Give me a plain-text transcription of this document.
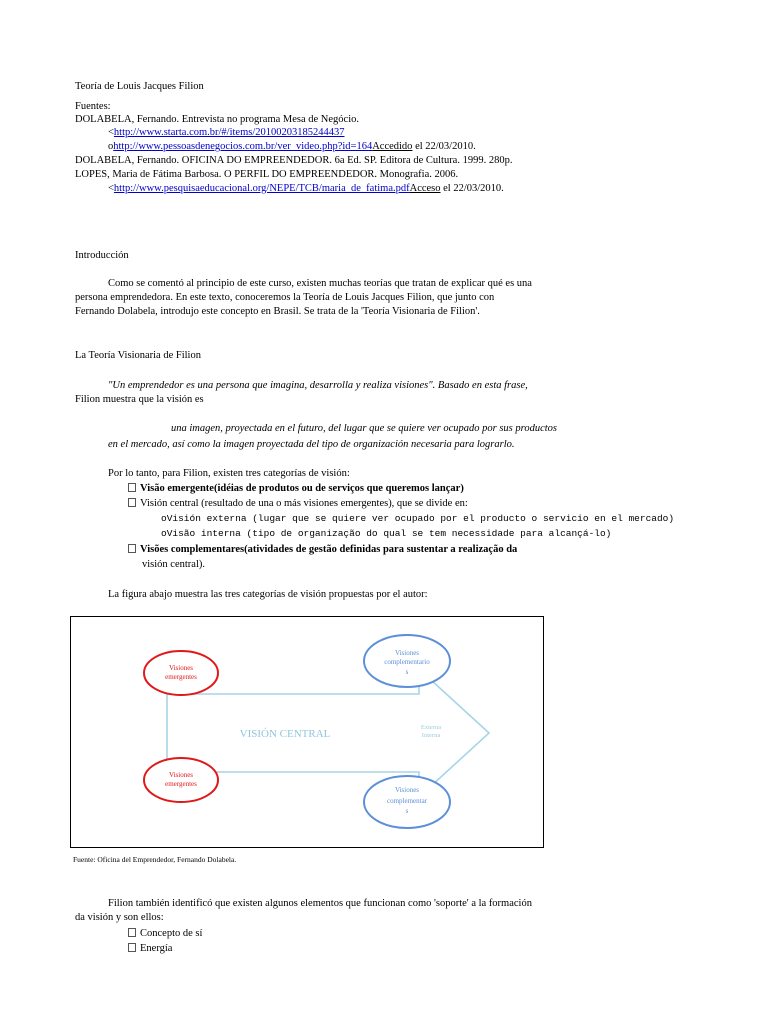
Teoría de Louis Jacques Filion
Fuentes:
DOLABELA, Fernando. Entrevista no programa Mesa de Negócio.
<http://www.starta.com.br/#/items/20100203185244437
ohttp://www.pessoasdenegocios.com.br/ver_video.php?id=164Accedido el 22/03/2010.
DOLABELA, Fernando. OFICINA DO EMPREENDEDOR. 6a Ed. SP. Editora de Cultura. 1999. 280p.
LOPES, Maria de Fátima Barbosa. O PERFIL DO EMPREENDEDOR. Monografia. 2006.
<http://www.pesquisaeducacional.org/NEPE/TCB/maria_de_fatima.pdfAcceso el 22/03/2010.
Introducción
Como se comentó al principio de este curso, existen muchas teorías que tratan de explicar qué es una
persona emprendedora. En este texto, conoceremos la Teoría de Louis Jacques Filion, que junto con
Fernando Dolabela, introdujo este concepto en Brasil. Se trata de la 'Teoría Visionaria de Filion'.
La Teoría Visionaria de Filion
"Un emprendedor es una persona que imagina, desarrolla y realiza visiones". Basado en esta frase,
Filion muestra que la visión es
una imagen, proyectada en el futuro, del lugar que se quiere ver ocupado por sus productos
en el mercado, así como la imagen proyectada del tipo de organización necesaria para lograrlo.
Por lo tanto, para Filion, existen tres categorías de visión:
Visão emergente(idéias de produtos ou de serviços que queremos lançar)
Visión central (resultado de una o más visiones emergentes), que se divide en:
oVisión externa (lugar que se quiere ver ocupado por el producto o servicio en el mercado)
oVisão interna (tipo de organização do qual se tem necessidade para alcançá-lo)
Visões complementares(atividades de gestão definidas para sustentar a realização da
visión central).
La figura abajo muestra las tres categorías de visión propuestas por el autor:
VISIÓN CENTRAL
Externa
Interna
Visiones
emergentes
Visiones
emergentes
Visiones
complementario
s
Visiones
complementar
s
Fuente: Oficina del Emprendedor, Fernando Dolabela.
Filion también identificó que existen algunos elementos que funcionan como 'soporte' a la formación
da visión y son ellos:
Concepto de sí
Energía
